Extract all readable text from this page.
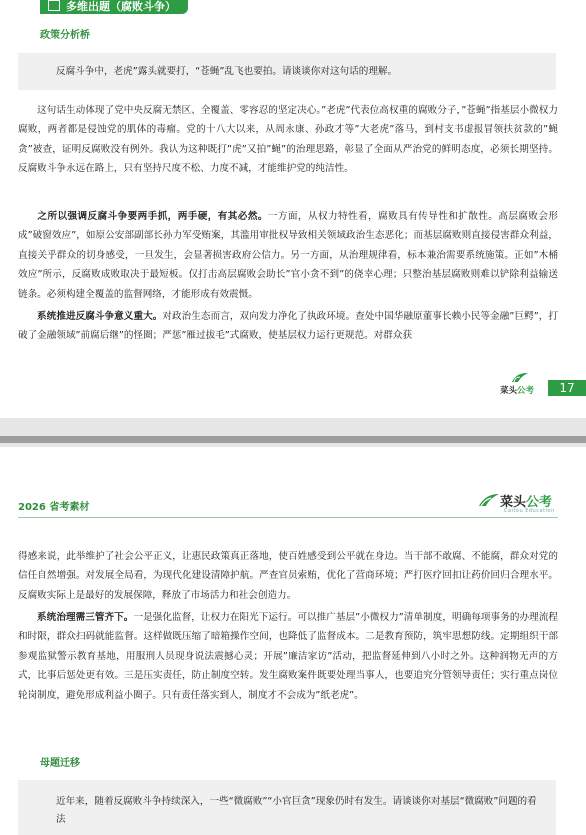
多维出题（腐败斗争）
政策分析桥

反腐斗争中，老虎”露头就要打，“苍蝇”乱飞也要拍。请谈谈你对这句话的理解。

这句话生动体现了党中央反腐无禁区、全覆盖、零容忍的坚定决心。”老虎”代表位高权重的腐败分子，”苍蝇”指基层小微权力腐败，两者都是侵蚀党的肌体的毒瘤。党的十八大以来，从周永康、孙政才等”大老虎”落马，到村支书虚报冒领扶贫款的”蝇贪”被查，证明反腐败没有例外。我认为这种既打”虎”又拍”蝇”的治理思路，彰显了全面从严治党的鲜明态度，必须长期坚持。反腐败斗争永远在路上，只有坚持尺度不松、力度不减，才能维护党的纯洁性。

之所以强调反腐斗争要两手抓，两手硬，有其必然。一方面，从权力特性看，腐败具有传导性和扩散性。高层腐败会形成”破窗效应”，如原公安部副部长孙力军受贿案，其滥用审批权导致相关领域政治生态恶化；而基层腐败则直接侵害群众利益，直接关乎群众的切身感受，一旦发生，会显著损害政府公信力。另一方面，从治理规律看，标本兼治需要系统施策。正如”木桶效应”所示，反腐败成败取决于最短板。仅打击高层腐败会助长”官小贪不到”的侥幸心理；只整治基层腐败则难以铲除利益输送链条。必须构建全覆盖的监督网络，才能形成有效震慑。

系统推进反腐斗争意义重大。对政治生态而言，双向发力净化了执政环境。查处中国华融原董事长赖小民等金融”巨鳄”，打破了金融领域”前腐后继”的怪圈；严惩”雁过拔毛”式腐败，使基层权力运行更规范。对群众获

菜头公考	17
2026 省考素材	菜头公考
Caitou Education

得感来说，此举维护了社会公平正义，让惠民政策真正落地，使百姓感受到公平就在身边。当干部不敢腐、不能腐，群众对党的信任自然增强。对发展全局看，为现代化建设清障护航。严查官员索贿，优化了营商环境；严打医疗回扣让药价回归合理水平。反腐败实际上是最好的发展保障，释放了市场活力和社会创造力。

系统治理需三管齐下。一是强化监督，让权力在阳光下运行。可以推广基层”小微权力”清单制度，明确每项事务的办理流程和时限，群众扫码就能监督。这样做既压缩了暗箱操作空间，也降低了监督成本。二是教育预防，筑牢思想防线。定期组织干部参观监狱警示教育基地，用服刑人员现身说法震撼心灵；开展”廉洁家访”活动，把监督延伸到八小时之外。这种润物无声的方式，比事后惩处更有效。三是压实责任，防止制度空转。发生腐败案件既要处理当事人，也要追究分管领导责任；实行重点岗位轮岗制度，避免形成利益小圈子。只有责任落实到人，制度才不会成为”纸老虎”。

母题迁移

近年来，随着反腐败斗争持续深入，一些“微腐败”“小官巨贪”现象仍时有发生。请谈谈你对基层“微腐败”问题的看法
